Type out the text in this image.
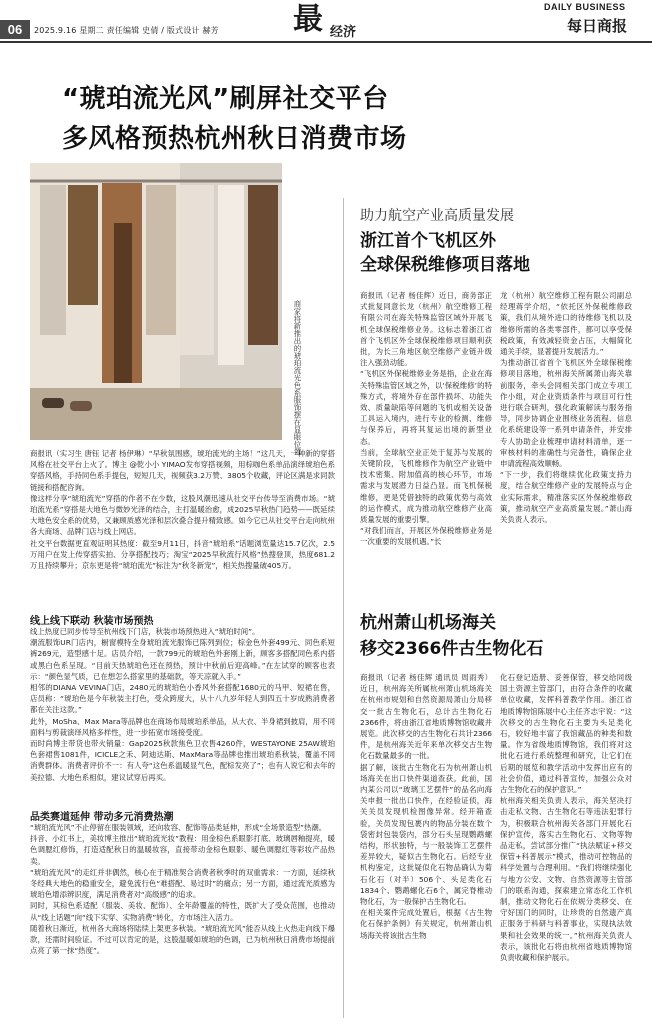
06	2025.9.16 星期二 责任编辑 史倩 / 版式设计 赫芳 最 经济
DAILY BUSINESS
每日商报
“琥珀流光风”刷屏社交平台
多风格预热杭州秋日消费市场
商家将新推出的琥珀流光色系服饰摆在显眼位置
商报讯（实习生 唐钰 记者 杨伊琳）“早秋氛围感，琥珀流光的主场！”这几天，一种新的穿搭风格在社交平台上火了。博主 @乾小小 YIMAO发布穿搭视频，用棕咖色系单品演绎琥珀色系穿搭风格，手持同色系手提包，短短几天，视频获3.2万赞、3805个收藏，评论区满是求同款链接和搭配咨询。
像这样分享“琥珀流光”穿搭的作者不在少数，这股风潮迅速从社交平台传导至消费市场。“琥珀流光系”穿搭是大地色与微妙光泽的结合，主打温暖治愈，成2025早秋热门趋势——既延续大地色安全系的优势，又兼顾质感光泽和层次叠合提升精致感。如今它已从社交平台走向杭州各大商场、品牌门店与线上网店。
社交平台数据更直观证明其热度：截至9月11日，抖音“琥珀系”话题浏览量达15.7亿次，2.5万用户在发上传穿搭实拍、分享搭配技巧；淘宝“2025早秋流行风格”热搜登顶，热度681.2万且持续攀升；京东更是将“琥珀流光”标注为“秋冬新宠”，相关热搜量破405万。
线上线下联动 秋装市场预热
线上热度已同步传导至杭州线下门店，秋装市场预热进入“琥珀时间”。
潮流服饰UR门店内，橱窗模特全身琥珀流光服饰已陈列到位；棕金色外套499元、同色系短裤269元，造型感十足。店员介绍，一款799元的琥珀色外套刚上新，顾客多搭配同色系内搭或黑白色系呈现。“目前天热琥珀色还在预热，预计中秋前后迎高峰。”在左试穿的顾客也表示：“颜色显气质，已在想怎么搭家里的基础款，等天凉就入手。”
相邻的DIANA VEVINA门店，2480元的琥珀色小香风外套搭配1680元的马甲、短裙在售，店员称：“琥珀色是今年秋装主打色，受众跨度大，从十八九岁年轻人到四五十岁成熟消费者都在关注这款。”
此外，MoSha、Max Mara等品牌也在商场布局琥珀系单品，从大衣、半身裙到披肩，用不同面料与剪裁演绎风格多样性，进一步拓宽市场接受度。
而时尚博主带货也带火销量：Gap2025秋款焦色卫衣售4260件，WESTAYONE 25AW琥珀色套裙售1081件，ICICLE之禾、阿迪达斯、MaxMara等品牌也推出琥珀系秋装，覆盖不同消费群体。消费者评价不一：有人夸“这色系温暖显气色，配棕发亮了”；也有人说它和去年的美拉德、大地色系相似，建议试穿后再买。
品类赛道延伸 带动多元消费热潮
“琥珀流光风”不止停留在服装领域，还向妆容、配饰等品类延伸，形成“全场景造型”热潮。
抖音、小红书上，美妆博主推出“琥珀流光妆”教程：用金棕色系眼影打底、玻璃唇釉提亮，暖色调腮红修饰，打造适配秋日的温暖妆容，直接带动金棕色眼影、暖色调腮红等彩妆产品热卖。
“琥珀流光风”的走红并非偶然，核心在于精准契合消费者秋季时的双重需求：一方面，延续秋冬经典大地色的稳重安全，避免流行色“难搭配、易过时”的痛点；另一方面，通过流光质感为琥珀色增添辨识度，满足消费者对“高级感”的追求。
同时，其棕色系适配（服装、美妆、配饰）、全年龄覆盖的特性，既扩大了受众范围，也推动从“线上话题”向“线下实穿、实物消费”转化，方市场注入活力。
随着秋日渐近，杭州各大商场将陆续上架更多秋装。“琥珀流光风”能否从线上火热走向线下爆款，还需时间验证。不过可以肯定的是，这股温暖如琥珀的色调，已为杭州秋日消费市场提前点亮了第一抹“热度”。
助力航空产业高质量发展
浙江首个飞机区外
全球保税维修项目落地
商报讯（记者 杨佳辉）近日，商务部正式批复同意长龙（杭州）航空维修工程有限公司在海关特殊监管区域外开展飞机全球保税维修业务。这标志着浙江省首个飞机区外全球保税维修项目顺利获批，为长三角地区航空维修产业链升级注入强劲动能。
“飞机区外保税维修业务是指，企业在海关特殊监管区域之外，以‘保税维修’的特殊方式，将境外存在部件损坏、功能失效、质量缺陷等问题的飞机或相关设备工具运入境内，进行专业的检测、维修与保养后，再将其复运出境的新型业态。
当前，全球航空业正处于复苏与发展的关键阶段，飞机维修作为航空产业链中技术密集、附加值高的核心环节，市场需求与发展潜力日益凸显。而飞机保税维修，更是凭借独特的政策优势与高效的运作模式，成为推动航空维修产业高质量发展的重要引擎。
“对我们而言，开展区外保税维修业务是一次重要的发展机遇。”长
龙（杭州）航空维修工程有限公司副总经理蒋学介绍，“依托区外保税维修政策，我们从境外进口的待维修飞机以及维修所需的各类零部件，都可以享受保税政策，有效减轻资金占压，大幅简化通关手续，显著提升发展活力。”
为推动浙江省首个飞机区外全球保税维修项目落地，杭州海关所属萧山海关靠前服务，牵头会同相关部门成立专项工作小组，对企业资质条件与项目可行性进行联合研判，强化政策解读与服务指导，同步协调企业围绕业务流程、信息化系统建设等一系列申请条件，并安排专人协助企业梳理申请材料清单，逐一审核材料的准确性与完备性，确保企业申请流程高效顺畅。
“下一步，我们将继续优化政策支持力度，结合航空维修产业的发展特点与企业实际需求，精准落实区外保税维修政策，推动航空产业高质量发展。”萧山海关负责人表示。
杭州萧山机场海关
移交2366件古生物化石
商报讯（记者 杨佳辉 通讯员 周雨秀）近日，杭州海关所属杭州萧山机场海关在杭州市规划和自然资源局萧山分局移交一批古生物化石，总计古生物化石2366件，将由浙江省地质博物馆收藏并展览。此次移交的古生物化石共计2366件，是杭州海关近年来单次移交古生物化石数量最多的一批。
据了解，该批古生物化石为杭州萧山机场海关在出口快件渠道查获。此前，国内某公司以“玻璃工艺摆件”的品名向海关申报一批出口快件，在经验证侦，海关关员发现机检图像异常。经开箱查验，关员发现包裹内的物品分装在数个袋密封包装袋内，部分石头呈现鹦鹉螺结构，形状独特，与一般装饰工艺摆件差异较大，疑似古生物化石。后经专业机构鉴定，这批疑似化石物品确认为菊石化石（对半）506个、头足类化石1834个、鹦鹉螺化石6个，属完脊椎动物化石，为一般保护古生物化石。
在相关案件完成处置后，根据《古生物化石保护条例》有关规定，杭州萧山机场海关将该批古生物
化石登记造册、妥善保管，移交给同级国土资源主管部门，由符合条件的收藏单位收藏，发挥科普教学作用。浙江省地质博物馆陈展中心主任齐志宇说：“这次移交的古生物化石主要为头足类化石，较好地丰富了我馆藏品的种类和数量。作为省级地质博物馆，我们将对这批化石进行系统整理和研究，让它们在后期的展览和教学活动中发挥出应有的社会价值，通过科普宣传，加强公众对古生物化石的保护意识。”
杭州海关相关负责人表示，海关坚决打击走私文物、古生物化石等违法犯罪行为，积极联合杭州海关各部门开展化石保护宣传，落实古生物化石、文物等物品走私，尝试部分推广“执法赋证+移交保管+科普展示”模式，推动可控物品的科学处置与合理利用。“我们将继续强化与地方公安、文物、自然资源等主管部门的联系沟通，探索建立常态化工作机制，推动文物化石在依规分类移交、在守好国门的同时，让珍贵的自然遗产真正服务于科研与科普事业，实现执法效果和社会效果的统一。”杭州海关负责人表示，该批化石将由杭州省地质博物馆负责收藏和保护展示。
